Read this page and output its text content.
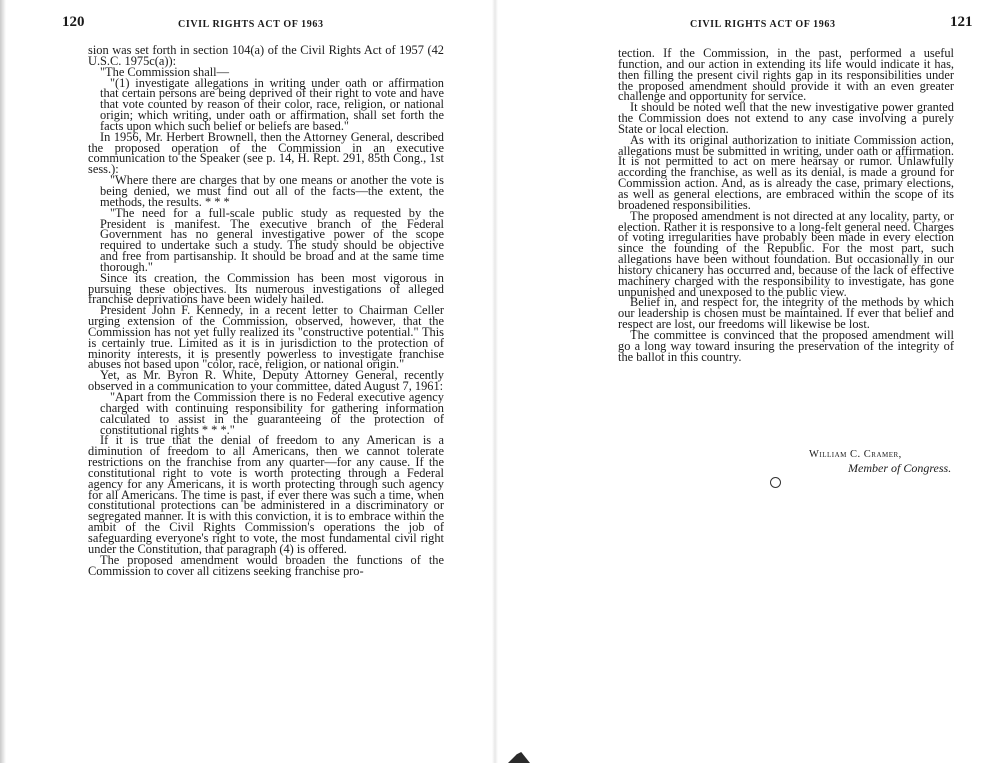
120	CIVIL RIGHTS ACT OF 1963

sion was set forth in section 104(a) of the Civil Rights Act of 1957 (42 U.S.C. 1975c(a)):

"The Commission shall—

"(1) investigate allegations in writing under oath or affirmation that certain persons are being deprived of their right to vote and have that vote counted by reason of their color, race, religion, or national origin; which writing, under oath or affirmation, shall set forth the facts upon which such belief or beliefs are based."

In 1956, Mr. Herbert Brownell, then the Attorney General, described the proposed operation of the Commission in an executive communication to the Speaker (see p. 14, H. Rept. 291, 85th Cong., 1st sess.):

"Where there are charges that by one means or another the vote is being denied, we must find out all of the facts—the extent, the methods, the results. * * *

"The need for a full-scale public study as requested by the President is manifest. The executive branch of the Federal Government has no general investigative power of the scope required to undertake such a study. The study should be objective and free from partisanship. It should be broad and at the same time thorough."

Since its creation, the Commission has been most vigorous in pursuing these objectives. Its numerous investigations of alleged franchise deprivations have been widely hailed.

President John F. Kennedy, in a recent letter to Chairman Celler urging extension of the Commission, observed, however, that the Commission has not yet fully realized its "constructive potential." This is certainly true. Limited as it is in jurisdiction to the protection of minority interests, it is presently powerless to investigate franchise abuses not based upon "color, race, religion, or national origin."

Yet, as Mr. Byron R. White, Deputy Attorney General, recently observed in a communication to your committee, dated August 7, 1961:

"Apart from the Commission there is no Federal executive agency charged with continuing responsibility for gathering information calculated to assist in the guaranteeing of the protection of constitutional rights * * *."

If it is true that the denial of freedom to any American is a diminution of freedom to all Americans, then we cannot tolerate restrictions on the franchise from any quarter—for any cause. If the constitutional right to vote is worth protecting through a Federal agency for any Americans, it is worth protecting through such agency for all Americans. The time is past, if ever there was such a time, when constitutional protections can be administered in a discriminatory or segregated manner. It is with this conviction, it is to embrace within the ambit of the Civil Rights Commission's operations the job of safeguarding everyone's right to vote, the most fundamental civil right under the Constitution, that paragraph (4) is offered.

The proposed amendment would broaden the functions of the Commission to cover all citizens seeking franchise pro-

CIVIL RIGHTS ACT OF 1963	121

tection. If the Commission, in the past, performed a useful function, and our action in extending its life would indicate it has, then filling the present civil rights gap in its responsibilities under the proposed amendment should provide it with an even greater challenge and opportunity for service.

It should be noted well that the new investigative power granted the Commission does not extend to any case involving a purely State or local election.

As with its original authorization to initiate Commission action, allegations must be submitted in writing, under oath or affirmation. It is not permitted to act on mere hearsay or rumor. Unlawfully according the franchise, as well as its denial, is made a ground for Commission action. And, as is already the case, primary elections, as well as general elections, are embraced within the scope of its broadened responsibilities.

The proposed amendment is not directed at any locality, party, or election. Rather it is responsive to a long-felt general need. Charges of voting irregularities have probably been made in every election since the founding of the Republic. For the most part, such allegations have been without foundation. But occasionally in our history chicanery has occurred and, because of the lack of effective machinery charged with the responsibility to investigate, has gone unpunished and unexposed to the public view.

Belief in, and respect for, the integrity of the methods by which our leadership is chosen must be maintained. If ever that belief and respect are lost, our freedoms will likewise be lost.

The committee is convinced that the proposed amendment will go a long way toward insuring the preservation of the integrity of the ballot in this country.

William C. Cramer,
Member of Congress.
